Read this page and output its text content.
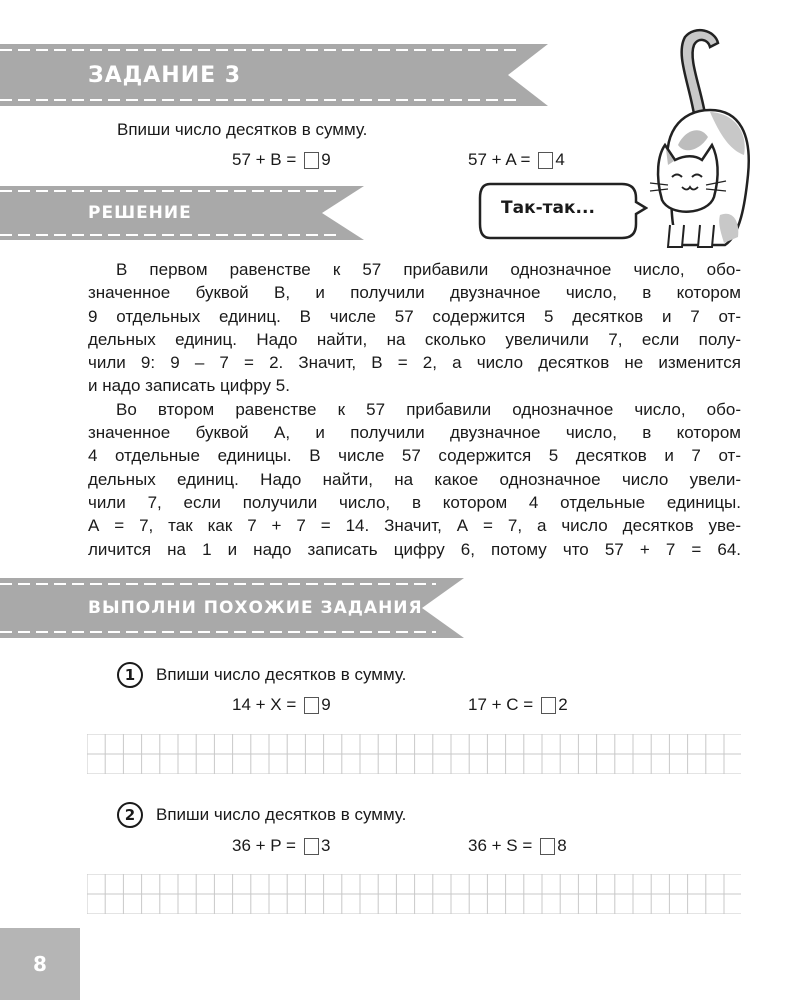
ЗАДАНИЕ 3
Впиши число десятков в сумму.
57 + B = 9	57 + A = 4
Так-так...
РЕШЕНИЕ
В первом равенстве к 57 прибавили однозначное число, обо-
значенное буквой В, и получили двузначное число, в котором
9 отдельных единиц. В числе 57 содержится 5 десятков и 7 от-
дельных единиц. Надо найти, на сколько увеличили 7, если полу-
чили 9: 9 – 7 = 2. Значит, В = 2, а число десятков не изменится
и надо записать цифру 5.
Во втором равенстве к 57 прибавили однозначное число, обо-
значенное буквой А, и получили двузначное число, в котором
4 отдельные единицы. В числе 57 содержится 5 десятков и 7 от-
дельных единиц. Надо найти, на какое однозначное число увели-
чили 7, если получили число, в котором 4 отдельные единицы.
А = 7, так как 7 + 7 = 14. Значит, А = 7, а число десятков уве-
личится на 1 и надо записать цифру 6, потому что 57 + 7 = 64.
ВЫПОЛНИ ПОХОЖИЕ ЗАДАНИЯ
1	Впиши число десятков в сумму.
14 + X = 9	17 + C = 2
2	Впиши число десятков в сумму.
36 + P = 3	36 + S = 8
8
